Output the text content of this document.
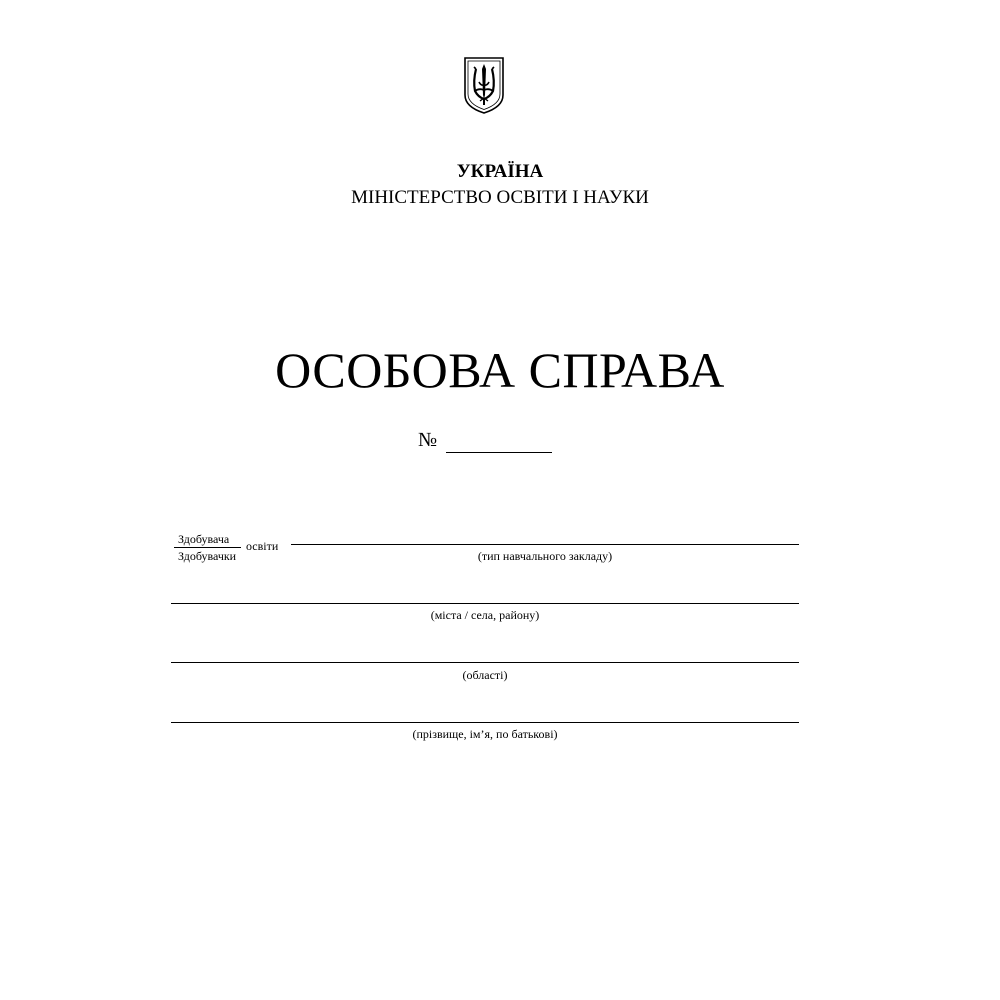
УКРАЇНА
МІНІСТЕРСТВО ОСВІТИ І НАУКИ
ОСОБОВА СПРАВА
№
Здобувача
Здобувачки
освіти
(тип навчального закладу)
(міста / села, району)
(області)
(прізвище, ім’я, по батькові)
